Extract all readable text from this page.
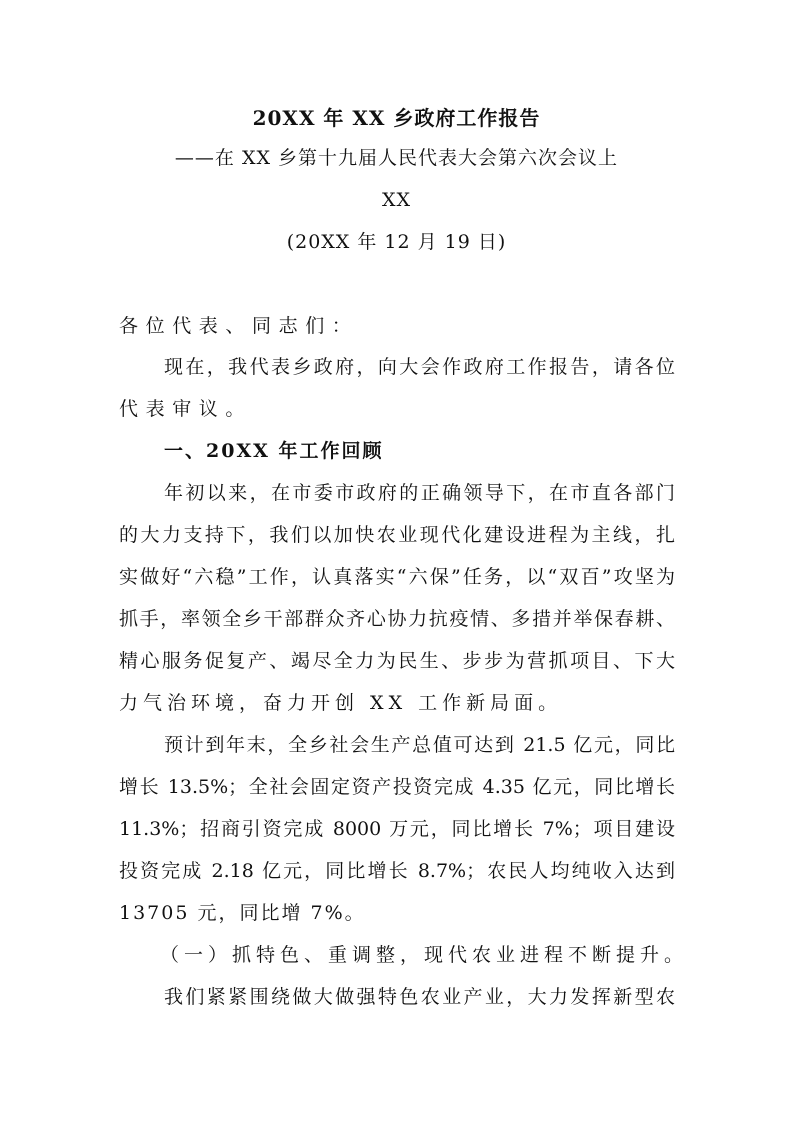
20XX 年 XX 乡政府工作报告
——在 XX 乡第十九届人民代表大会第六次会议上
XX
(20XX 年 12 月 19 日)
各位代表、同志们：
现在，我代表乡政府，向大会作政府工作报告，请各位
代表审议。
一、20XX 年工作回顾
年初以来，在市委市政府的正确领导下，在市直各部门
的大力支持下，我们以加快农业现代化建设进程为主线，扎
实做好“六稳”工作，认真落实“六保”任务，以“双百”攻坚为
抓手，率领全乡干部群众齐心协力抗疫情、多措并举保春耕、
精心服务促复产、竭尽全力为民生、步步为营抓项目、下大
力气治环境，奋力开创 XX 工作新局面。
预计到年末，全乡社会生产总值可达到 21.5 亿元，同比
增长 13.5%；全社会固定资产投资完成 4.35 亿元，同比增长
11.3%；招商引资完成 8000 万元，同比增长 7%；项目建设
投资完成 2.18 亿元，同比增长 8.7%；农民人均纯收入达到
13705 元，同比增 7%。
（一）抓特色、重调整，现代农业进程不断提升。
我们紧紧围绕做大做强特色农业产业，大力发挥新型农
